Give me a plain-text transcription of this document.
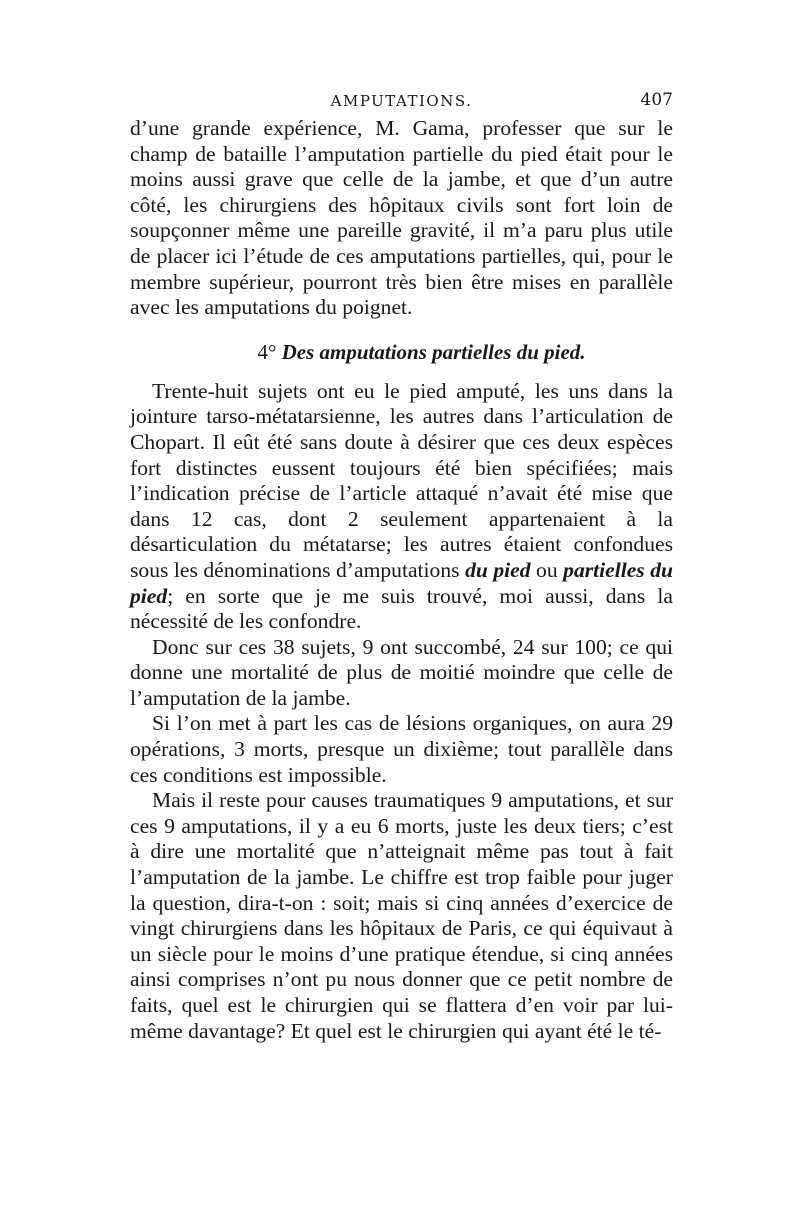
AMPUTATIONS.	407

d’une grande expérience, M. Gama, professer que sur le champ de bataille l’amputation partielle du pied était pour le moins aussi grave que celle de la jambe, et que d’un autre côté, les chirurgiens des hôpitaux civils sont fort loin de soupçonner même une pareille gravité, il m’a paru plus utile de placer ici l’étude de ces amputations partielles, qui, pour le membre supérieur, pourront très bien être mises en parallèle avec les amputations du poignet.

4° Des amputations partielles du pied.

Trente-huit sujets ont eu le pied amputé, les uns dans la jointure tarso-métatarsienne, les autres dans l’articulation de Chopart. Il eût été sans doute à désirer que ces deux espèces fort distinctes eussent toujours été bien spécifiées; mais l’indication précise de l’article attaqué n’avait été mise que dans 12 cas, dont 2 seulement appartenaient à la désarticulation du métatarse; les autres étaient confondues sous les dénominations d’amputations du pied ou partielles du pied; en sorte que je me suis trouvé, moi aussi, dans la nécessité de les confondre.

Donc sur ces 38 sujets, 9 ont succombé, 24 sur 100; ce qui donne une mortalité de plus de moitié moindre que celle de l’amputation de la jambe.

Si l’on met à part les cas de lésions organiques, on aura 29 opérations, 3 morts, presque un dixième; tout parallèle dans ces conditions est impossible.

Mais il reste pour causes traumatiques 9 amputations, et sur ces 9 amputations, il y a eu 6 morts, juste les deux tiers; c’est à dire une mortalité que n’atteignait même pas tout à fait l’amputation de la jambe. Le chiffre est trop faible pour juger la question, dira-t-on : soit; mais si cinq années d’exercice de vingt chirurgiens dans les hôpitaux de Paris, ce qui équivaut à un siècle pour le moins d’une pratique étendue, si cinq années ainsi comprises n’ont pu nous donner que ce petit nombre de faits, quel est le chirurgien qui se flattera d’en voir par lui-même davantage? Et quel est le chirurgien qui ayant été le té-
